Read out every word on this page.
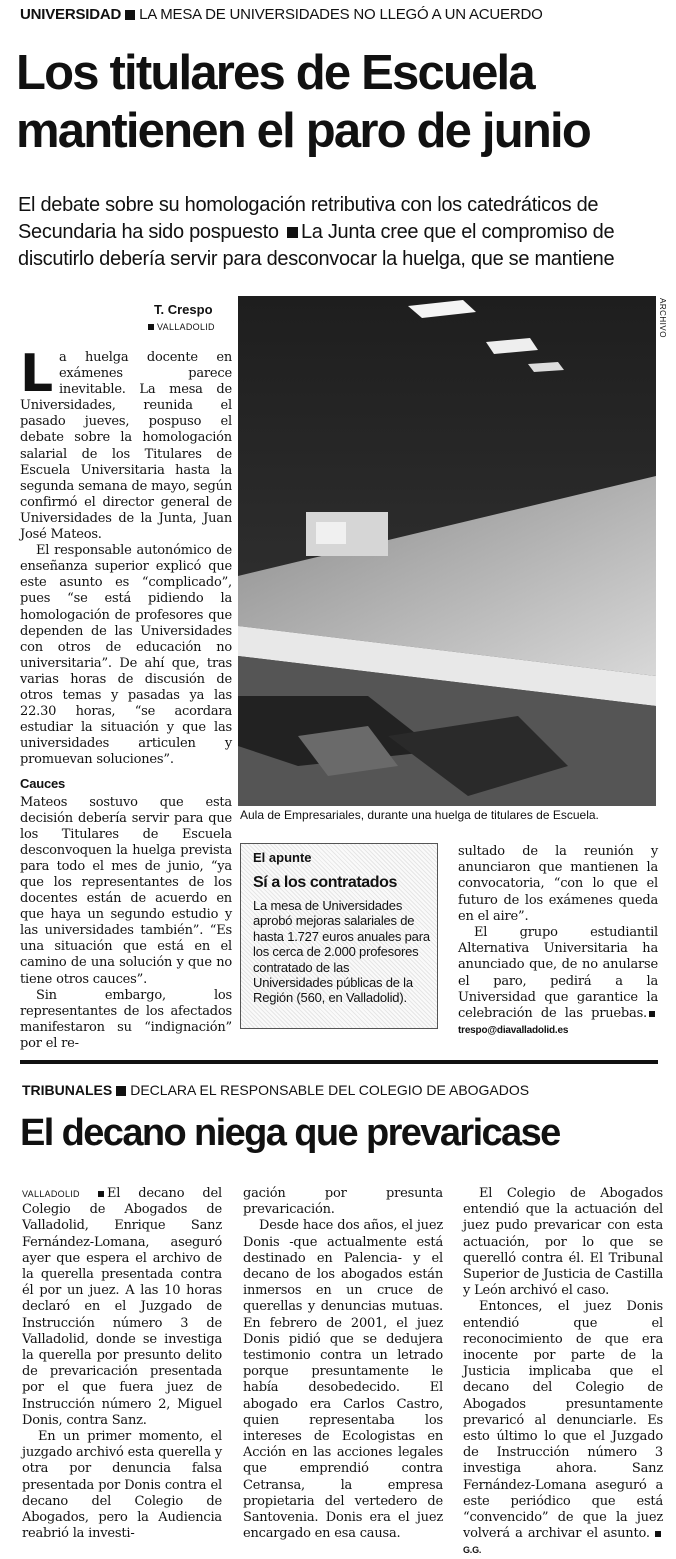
UNIVERSIDAD LA MESA DE UNIVERSIDADES NO LLEGÓ A UN ACUERDO
Los titulares de Escuela
mantienen el paro de junio
El debate sobre su homologación retributiva con los catedráticos de Secundaria ha sido pospuesto La Junta cree que el compromiso de discutirlo debería servir para desconvocar la huelga, que se mantiene
T. Crespo
VALLADOLID

La huelga docente en exámenes parece inevitable. La mesa de Universidades, reunida el pasado jueves, pospuso el debate sobre la homologación salarial de los Titulares de Escuela Universitaria hasta la segunda semana de mayo, según confirmó el director general de Universidades de la Junta, Juan José Mateos.

El responsable autonómico de enseñanza superior explicó que este asunto es “complicado”, pues “se está pidiendo la homologación de profesores que dependen de las Universidades con otros de educación no universitaria”. De ahí que, tras varias horas de discusión de otros temas y pasadas ya las 22.30 horas, “se acordara estudiar la situación y que las universidades articulen y promuevan soluciones”.

Cauces

Mateos sostuvo que esta decisión debería servir para que los Titulares de Escuela desconvoquen la huelga prevista para todo el mes de junio, “ya que los representantes de los docentes están de acuerdo en que haya un segundo estudio y las universidades también”. “Es una situación que está en el camino de una solución y que no tiene otros cauces”.

Sin embargo, los representantes de los afectados manifestaron su “indignación” por el re-

ARCHIVO
Aula de Empresariales, durante una huelga de titulares de Escuela.
El apunte
Sí a los contratados
La mesa de Universidades aprobó mejoras salariales de hasta 1.727 euros anuales para los cerca de 2.000 profesores contratado de las Universidades públicas de la Región (560, en Valladolid).

sultado de la reunión y anunciaron que mantienen la convocatoria, “con lo que el futuro de los exámenes queda en el aire”.

El grupo estudiantil Alternativa Universitaria ha anunciado que, de no anularse el paro, pedirá a la Universidad que garantice la celebración de las pruebas.trespo@diavalladolid.es

TRIBUNALES DECLARA EL RESPONSABLE DEL COLEGIO DE ABOGADOS
El decano niega que prevaricase

VALLADOLID El decano del Colegio de Abogados de Valladolid, Enrique Sanz Fernández-Lomana, aseguró ayer que espera el archivo de la querella presentada contra él por un juez. A las 10 horas declaró en el Juzgado de Instrucción número 3 de Valladolid, donde se investiga la querella por presunto delito de prevaricación presentada por el que fuera juez de Instrucción número 2, Miguel Donis, contra Sanz.

En un primer momento, el juzgado archivó esta querella y otra por denuncia falsa presentada por Donis contra el decano del Colegio de Abogados, pero la Audiencia reabrió la investi-

gación por presunta prevaricación.

Desde hace dos años, el juez Donis -que actualmente está destinado en Palencia- y el decano de los abogados están inmersos en un cruce de querellas y denuncias mutuas. En febrero de 2001, el juez Donis pidió que se dedujera testimonio contra un letrado porque presuntamente le había desobedecido. El abogado era Carlos Castro, quien representaba los intereses de Ecologistas en Acción en las acciones legales que emprendió contra Cetransa, la empresa propietaria del vertedero de Santovenia. Donis era el juez encargado en esa causa.

El Colegio de Abogados entendió que la actuación del juez pudo prevaricar con esta actuación, por lo que se querelló contra él. El Tribunal Superior de Justicia de Castilla y León archivó el caso.

Entonces, el juez Donis entendió que el reconocimiento de que era inocente por parte de la Justicia implicaba que el decano del Colegio de Abogados presuntamente prevaricó al denunciarle. Es esto último lo que el Juzgado de Instrucción número 3 investiga ahora. Sanz Fernández-Lomana aseguró a este periódico que está “convencido” de que la juez volverá a archivar el asunto. G.G.
